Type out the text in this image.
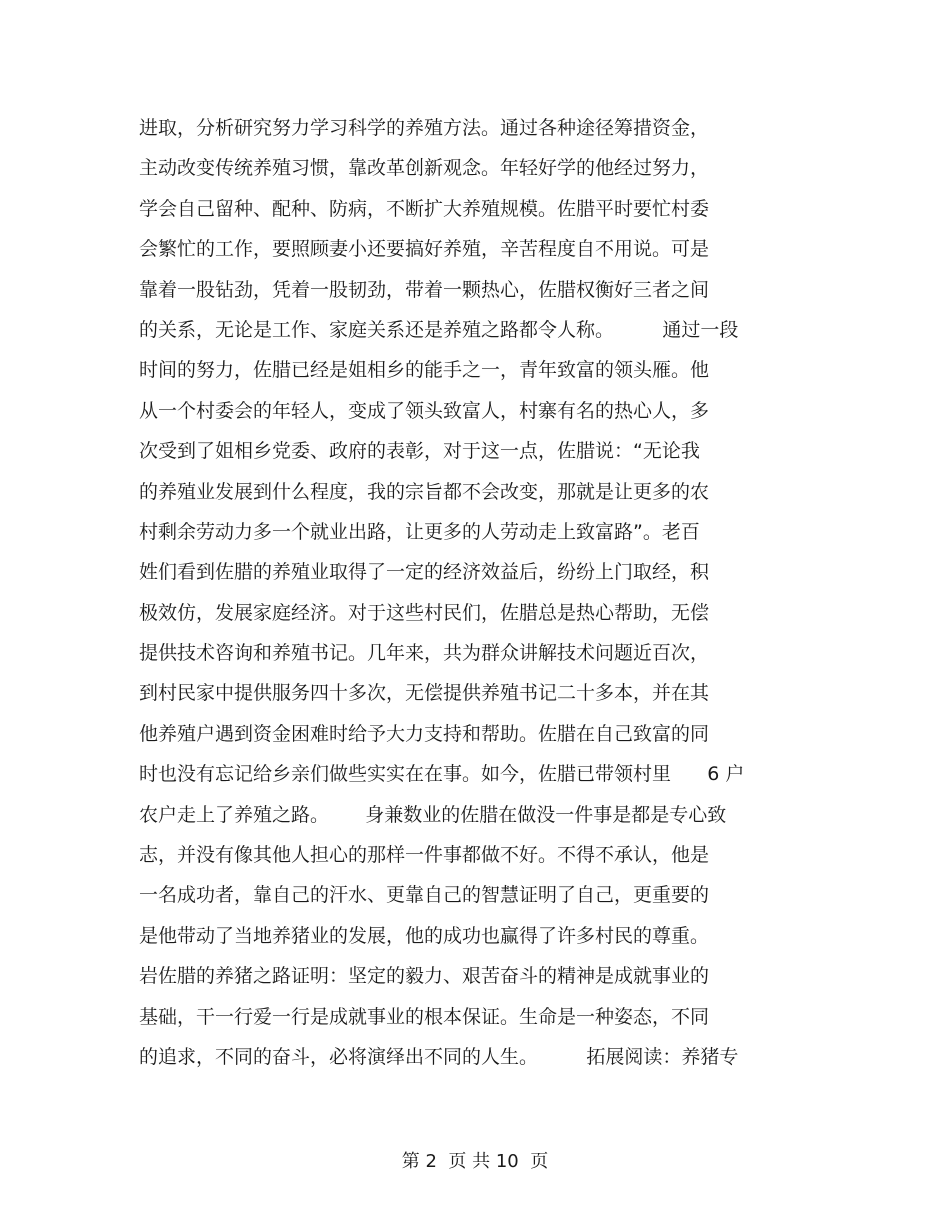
进取，分析研究努力学习科学的养殖方法。通过各种途径筹措资金，
主动改变传统养殖习惯，靠改革创新观念。年轻好学的他经过努力，
学会自己留种、配种、防病，不断扩大养殖规模。佐腊平时要忙村委
会繁忙的工作，要照顾妻小还要搞好养殖，辛苦程度自不用说。可是
靠着一股钻劲，凭着一股韧劲，带着一颗热心，佐腊权衡好三者之间
的关系，无论是工作、家庭关系还是养殖之路都令人称。        通过一段
时间的努力，佐腊已经是姐相乡的能手之一，青年致富的领头雁。他
从一个村委会的年轻人，变成了领头致富人，村寨有名的热心人，多
次受到了姐相乡党委、政府的表彰，对于这一点，佐腊说：“无论我
的养殖业发展到什么程度，我的宗旨都不会改变，那就是让更多的农
村剩余劳动力多一个就业出路，让更多的人劳动走上致富路”。老百
姓们看到佐腊的养殖业取得了一定的经济效益后，纷纷上门取经，积
极效仿，发展家庭经济。对于这些村民们，佐腊总是热心帮助，无偿
提供技术咨询和养殖书记。几年来，共为群众讲解技术问题近百次，
到村民家中提供服务四十多次，无偿提供养殖书记二十多本，并在其
他养殖户遇到资金困难时给予大力支持和帮助。佐腊在自己致富的同
时也没有忘记给乡亲们做些实实在在事。如今，佐腊已带领村里      6 户
农户走上了养殖之路。      身兼数业的佐腊在做没一件事是都是专心致
志，并没有像其他人担心的那样一件事都做不好。不得不承认，他是
一名成功者，靠自己的汗水、更靠自己的智慧证明了自己，更重要的
是他带动了当地养猪业的发展，他的成功也赢得了许多村民的尊重。
岩佐腊的养猪之路证明：坚定的毅力、艰苦奋斗的精神是成就事业的
基础，干一行爱一行是成就事业的根本保证。生命是一种姿态，不同
的追求，不同的奋斗，必将演绎出不同的人生。        拓展阅读：养猪专
第 2  页 共 10  页
